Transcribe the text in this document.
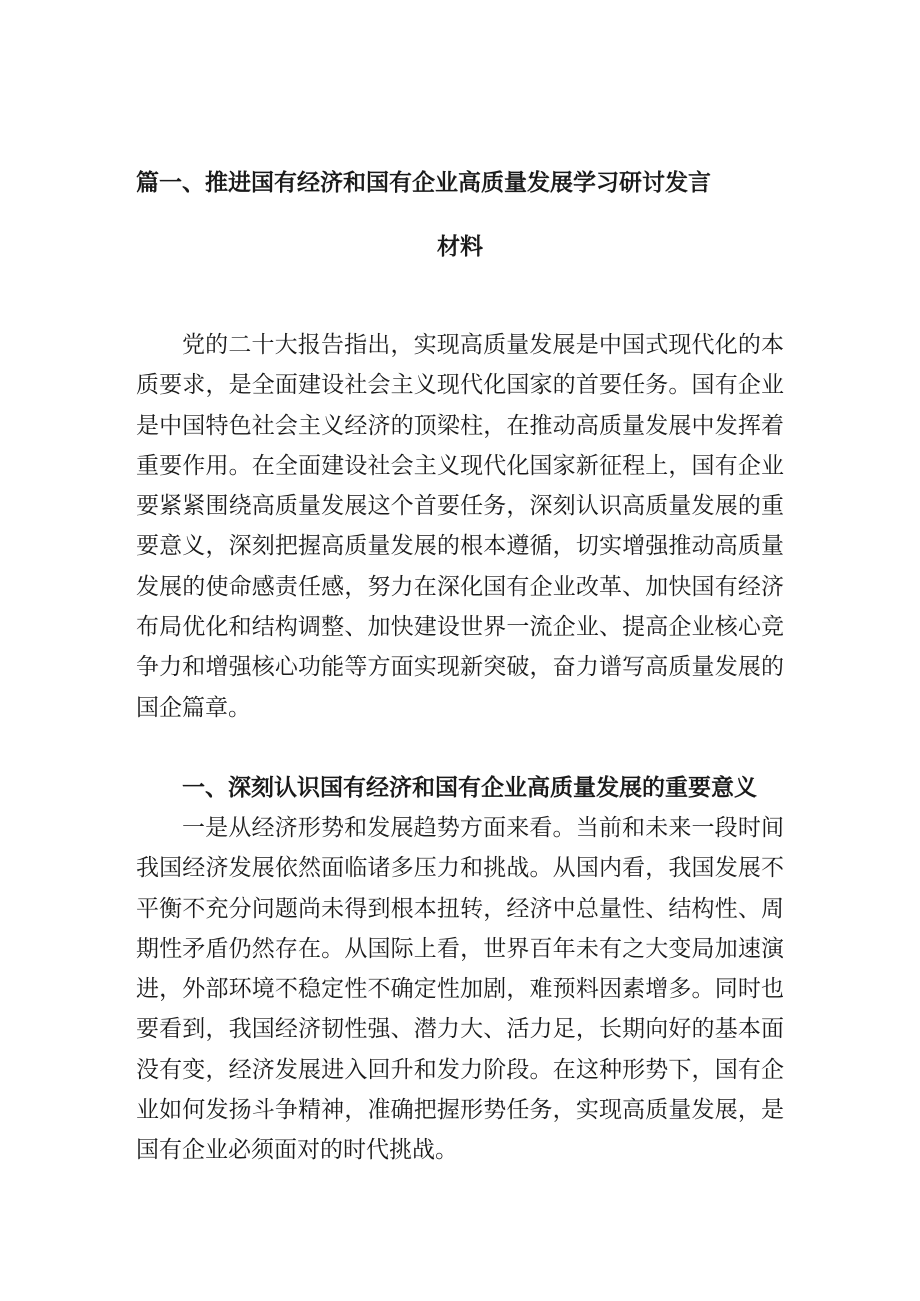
篇一、推进国有经济和国有企业高质量发展学习研讨发言
材料

党的二十大报告指出，实现高质量发展是中国式现代化的本质要求，是全面建设社会主义现代化国家的首要任务。国有企业是中国特色社会主义经济的顶梁柱，在推动高质量发展中发挥着重要作用。在全面建设社会主义现代化国家新征程上，国有企业要紧紧围绕高质量发展这个首要任务，深刻认识高质量发展的重要意义，深刻把握高质量发展的根本遵循，切实增强推动高质量发展的使命感责任感，努力在深化国有企业改革、加快国有经济布局优化和结构调整、加快建设世界一流企业、提高企业核心竞争力和增强核心功能等方面实现新突破，奋力谱写高质量发展的国企篇章。

一、深刻认识国有经济和国有企业高质量发展的重要意义

一是从经济形势和发展趋势方面来看。当前和未来一段时间我国经济发展依然面临诸多压力和挑战。从国内看，我国发展不平衡不充分问题尚未得到根本扭转，经济中总量性、结构性、周期性矛盾仍然存在。从国际上看，世界百年未有之大变局加速演进，外部环境不稳定性不确定性加剧，难预料因素增多。同时也要看到，我国经济韧性强、潜力大、活力足，长期向好的基本面没有变，经济发展进入回升和发力阶段。在这种形势下，国有企业如何发扬斗争精神，准确把握形势任务，实现高质量发展，是国有企业必须面对的时代挑战。
